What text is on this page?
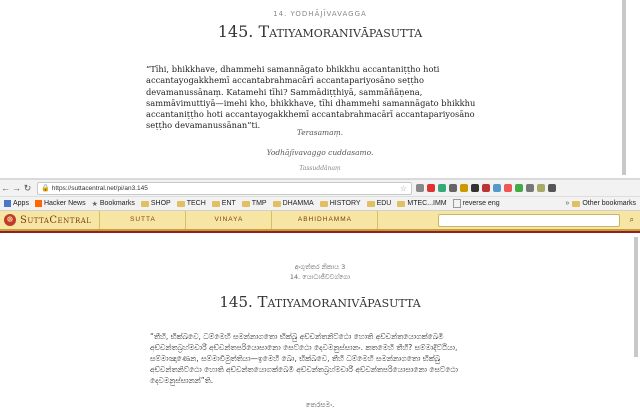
14. YODHĀJĪVAVAGGA
145. Tatiyamoranivāpasutta
“Tīhi, bhikkhave, dhammehi samannāgato bhikkhu accantaniṭṭho hoti accantayogakkhemī accantabrahmacārī accantapariyosāno seṭṭho devamanussānaṃ. Katamehi tīhi? Sammādiṭṭhiyā, sammāñāṇena, sammāvimuttiyā—imehi kho, bhikkhave, tīhi dhammehi samannāgato bhikkhu accantaniṭṭho hoti accantayogakkhemī accantabrahmacārī accantapariyosāno seṭṭho devamanussānan”ti.
Terasamaṃ.
Yodhājīvavaggo cuddasamo.
Tassuddānaṃ
← → ↻ 🔒 https://suttacentral.net/pi/an3.145	☆
Apps Hacker News ★ Bookmarks SHOP TECH ENT TMP DHAMMA HISTORY EDU MTEC...IMM reverse eng	» Other bookmarks
☸ SuttaCentral	SUTTA	VINAYA	ABHIDHAMMA	⌕
අංගුත්තර නිකාය 3
14. යොධාජීවවග්ගො
145. Tatiyamoranivāpasutta
“තීහි, භික්ඛවෙ, ධම්මෙහි සමන්නාගතො භික්ඛු අච්චන්තනිට්ඨො හොති අච්චන්තයොගක්ඛෙමී අච්චන්තබ්‍රහ්මචාරී අච්චන්තපරියොසානො සෙට්ඨො දෙවමනුස්සානං. කතමෙහි තීහි? සම්මාදිට්ඨියා, සම්මාඤාණෙන, සම්මාවිමුත්තියා—ඉමෙහි ඛො, භික්ඛවෙ, තීහි ධම්මෙහි සමන්නාගතො භික්ඛු අච්චන්තනිට්ඨො හොති අච්චන්තයොගක්ඛෙමී අච්චන්තබ්‍රහ්මචාරී අච්චන්තපරියොසානො සෙට්ඨො දෙවමනුස්සානන්”ති.
තෙරසමං.
